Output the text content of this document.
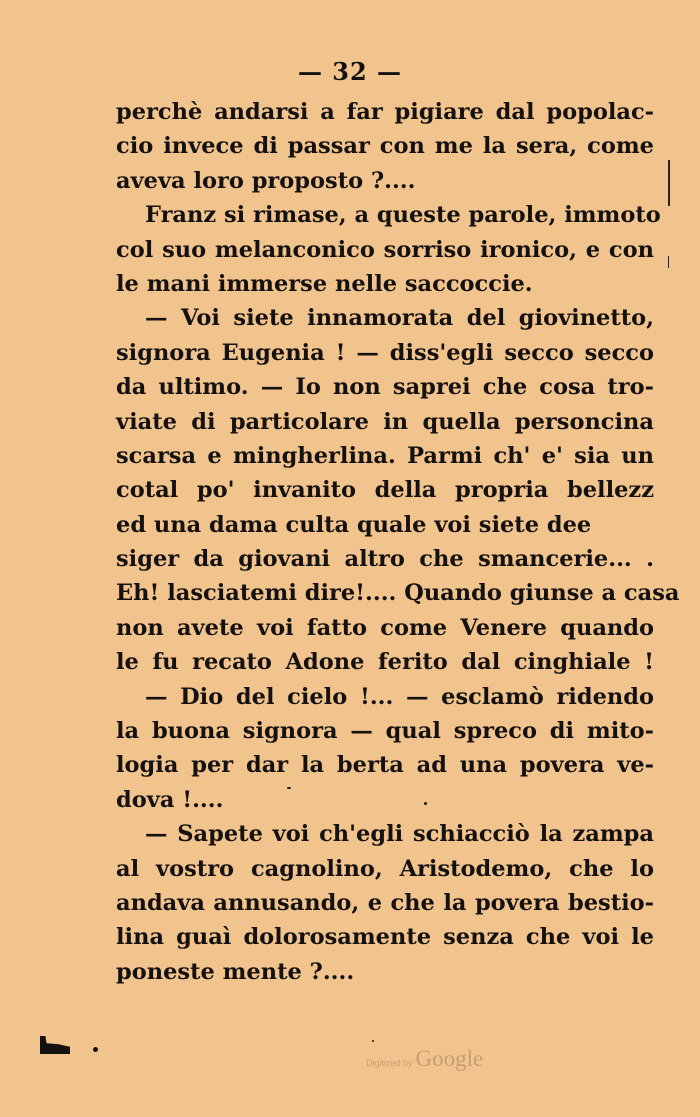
— 32 —
perchè andarsi a far pigiare dal popolac-
cio invece di passar con me la sera, come
aveva loro proposto ?....
Franz si rimase, a queste parole, immoto
col suo melanconico sorriso ironico, e con
le mani immerse nelle saccoccie.
— Voi siete innamorata del giovinetto,
signora Eugenia ! — diss'egli secco secco
da ultimo. — Io non saprei che cosa tro-
viate di particolare in quella personcina
scarsa e mingherlina. Parmi ch' e' sia un
cotal po' invanito della propria bellezz
ed una dama culta quale voi siete dee
siger da giovani altro che smancerie... .
Eh! lasciatemi dire!.... Quando giunse a casa
non avete voi fatto come Venere quando
le fu recato Adone ferito dal cinghiale !
— Dio del cielo !... — esclamò ridendo
la buona signora — qual spreco di mito-
logia per dar la berta ad una povera ve-
dova !....
— Sapete voi ch'egli schiacciò la zampa
al vostro cagnolino, Aristodemo, che lo
andava annusando, e che la povera bestio-
lina guaì dolorosamente senza che voi le
poneste mente ?....
Digitized by Google
